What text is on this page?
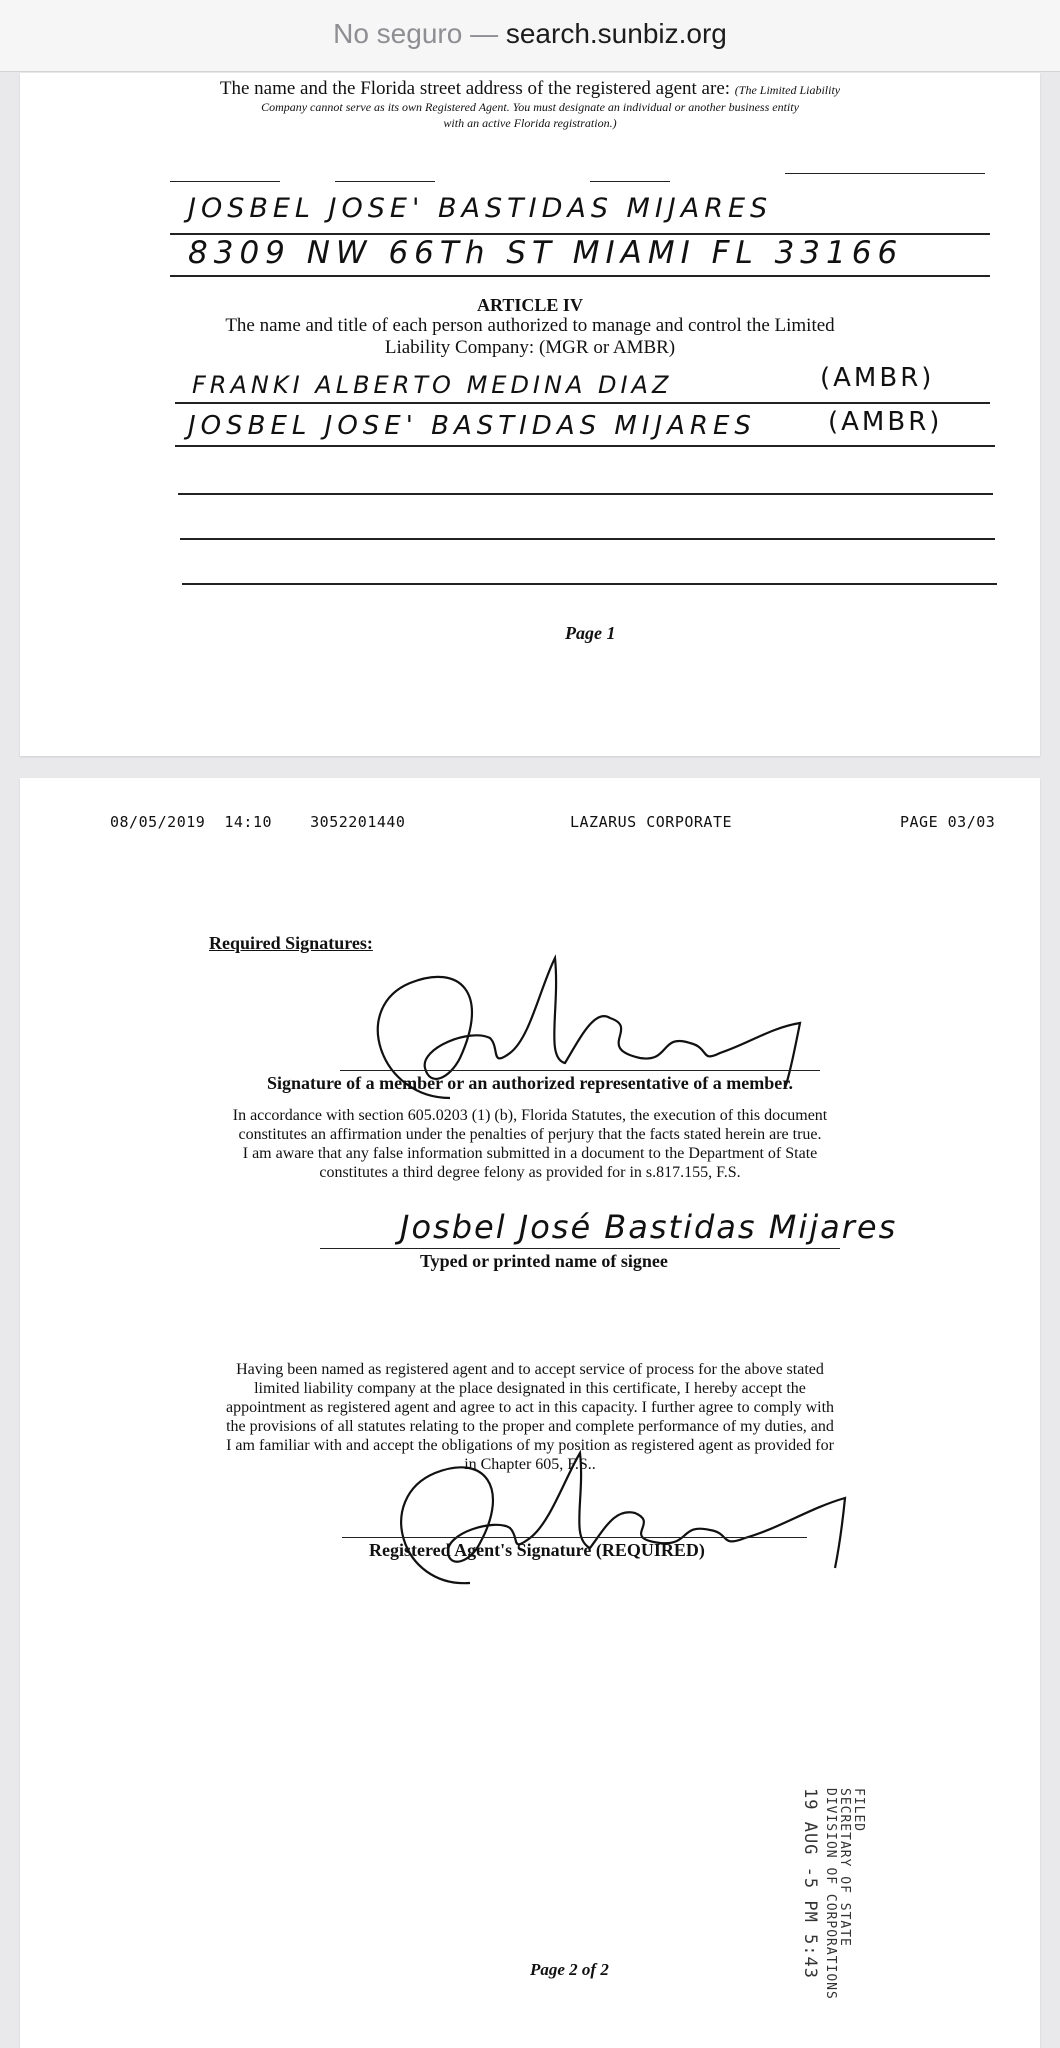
No seguro — search.sunbiz.org
The name and the Florida street address of the registered agent are: (The Limited Liability
Company cannot serve as its own Registered Agent. You must designate an individual or another business entity
with an active Florida registration.)
JOSBEL JOSE' BASTIDAS MIJARES
8309 NW 66Th ST MIAMI FL 33166
ARTICLE IV
The name and title of each person authorized to manage and control the Limited
Liability Company: (MGR or AMBR)
FRANKI ALBERTO MEDINA DIAZ	(AMBR)
JOSBEL JOSE' BASTIDAS MIJARES	(AMBR)
Page 1
08/05/2019 14:10	3052201440	LAZARUS CORPORATE	PAGE 03/03
Required Signatures:
Signature of a member or an authorized representative of a member.
In accordance with section 605.0203 (1) (b), Florida Statutes, the execution of this document
constitutes an affirmation under the penalties of perjury that the facts stated herein are true.
I am aware that any false information submitted in a document to the Department of State
constitutes a third degree felony as provided for in s.817.155, F.S.
Josbel José Bastidas Mijares
Typed or printed name of signee
Having been named as registered agent and to accept service of process for the above stated
limited liability company at the place designated in this certificate, I hereby accept the
appointment as registered agent and agree to act in this capacity. I further agree to comply with
the provisions of all statutes relating to the proper and complete performance of my duties, and
I am familiar with and accept the obligations of my position as registered agent as provided for
in Chapter 605, F.S..
Registered Agent's Signature (REQUIRED)
FILED
SECRETARY OF STATE
DIVISION OF CORPORATIONS
19 AUG -5 PM 5:43
Page 2 of 2
